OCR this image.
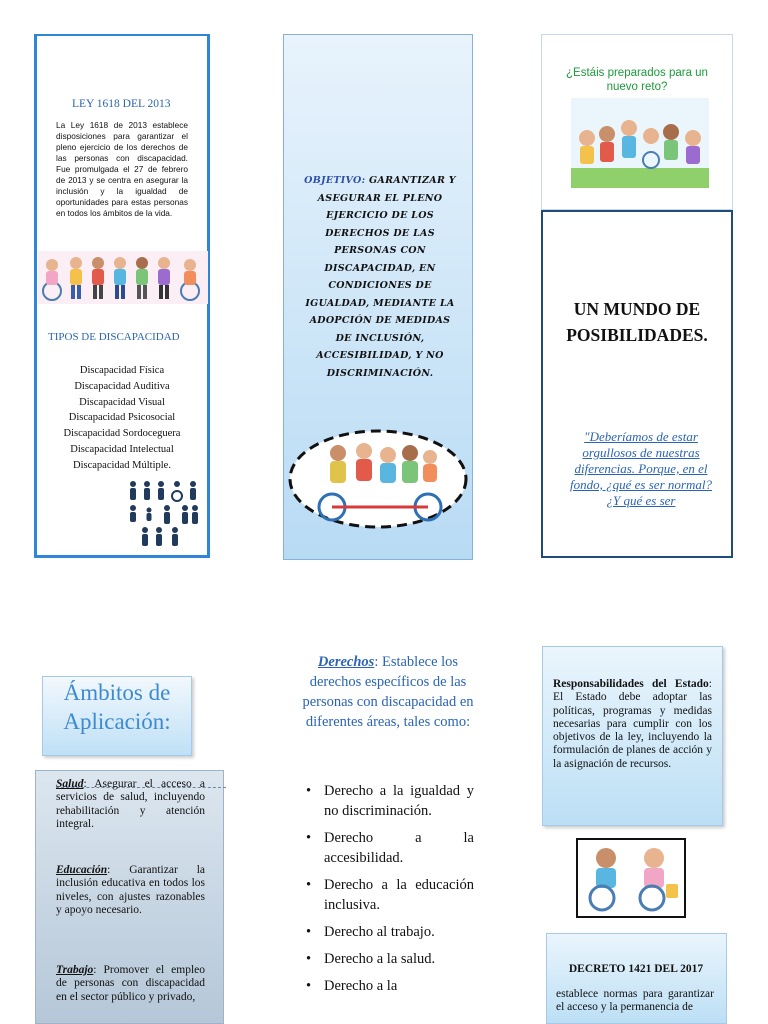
LEY 1618 DEL 2013
La Ley 1618 de 2013 establece disposiciones para garantizar el pleno ejercicio de los derechos de las personas con discapacidad. Fue promulgada el 27 de febrero de 2013 y se centra en asegurar la inclusión y la igualdad de oportunidades para estas personas en todos los ámbitos de la vida.
TIPOS DE DISCAPACIDAD
Discapacidad Física
Discapacidad Auditiva
Discapacidad Visual
Discapacidad Psicosocial
Discapacidad Sordoceguera
Discapacidad Intelectual
Discapacidad Múltiple.
OBJETIVO: GARANTIZAR Y ASEGURAR EL PLENO EJERCICIO DE LOS DERECHOS DE LAS PERSONAS CON DISCAPACIDAD, EN CONDICIONES DE IGUALDAD, MEDIANTE LA ADOPCIÓN DE MEDIDAS DE INCLUSIÓN, ACCESIBILIDAD, Y NO DISCRIMINACIÓN.
¿Estáis preparados para un nuevo reto?
UN MUNDO DE POSIBILIDADES.
"Deberíamos de estar orgullosos de nuestras diferencias. Porque, en el fondo, ¿qué es ser normal? ¿Y qué es ser
Ámbitos de Aplicación:
Salud: Asegurar el acceso a servicios de salud, incluyendo rehabilitación y atención integral.
Educación: Garantizar la inclusión educativa en todos los niveles, con ajustes razonables y apoyo necesario.
Trabajo: Promover el empleo de personas con discapacidad en el sector público y privado,
Derechos: Establece los derechos específicos de las personas con discapacidad en diferentes áreas, tales como:
• Derecho a la igualdad y no discriminación.
• Derecho a la accesibilidad.
• Derecho a la educación inclusiva.
• Derecho al trabajo.
• Derecho a la salud.
• Derecho a la
Responsabilidades del Estado: El Estado debe adoptar las políticas, programas y medidas necesarias para cumplir con los objetivos de la ley, incluyendo la formulación de planes de acción y la asignación de recursos.
DECRETO 1421 DEL 2017
establece normas para garantizar el acceso y la permanencia de
